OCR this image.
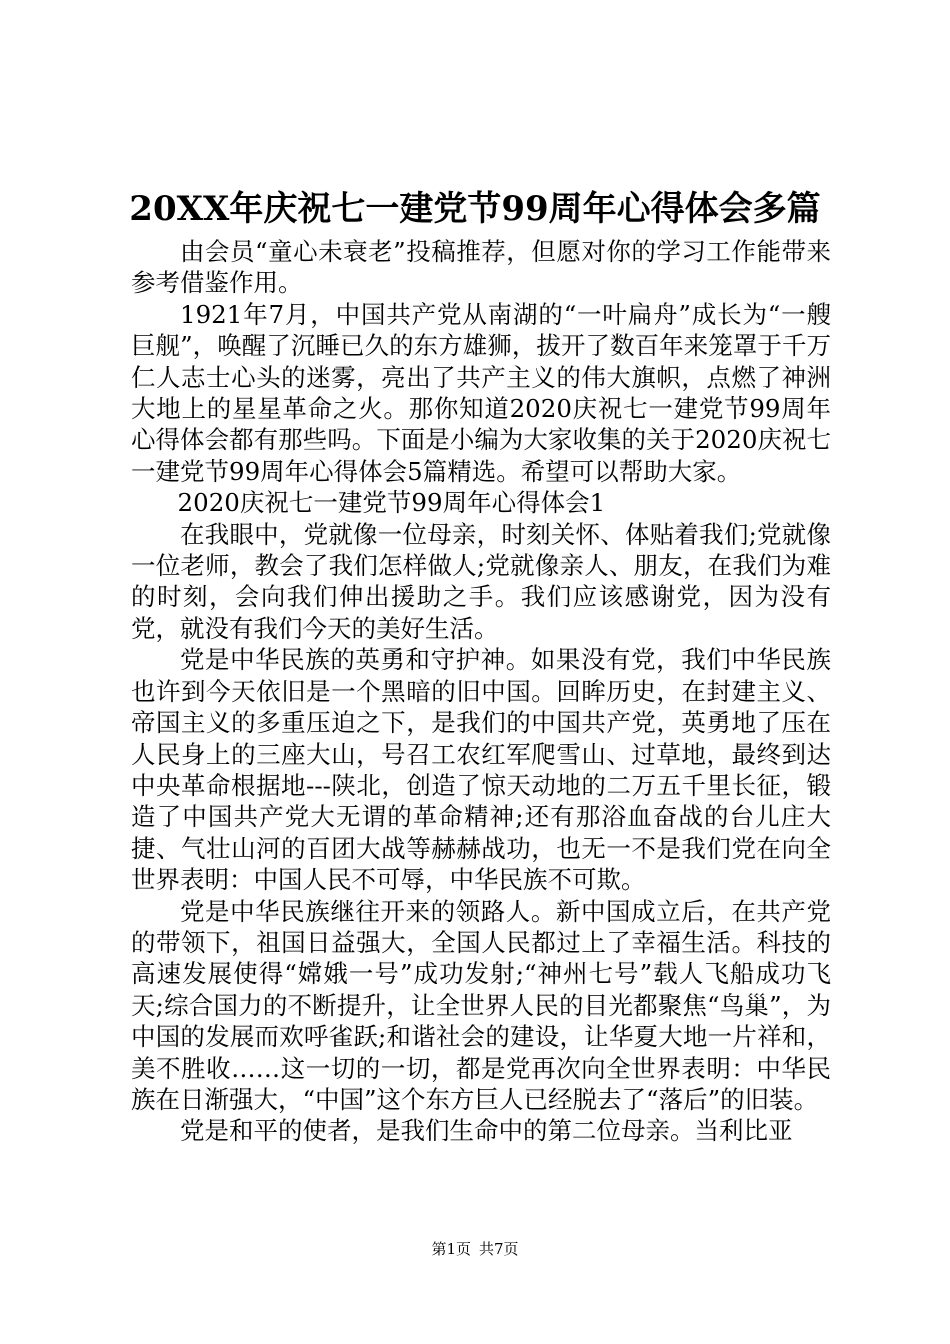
20XX年庆祝七一建党节99周年心得体会多篇

由会员“童心未衰老”投稿推荐，但愿对你的学习工作能带来参考借鉴作用。

1921年7月，中国共产党从南湖的“一叶扁舟”成长为“一艘巨舰”，唤醒了沉睡已久的东方雄狮，拔开了数百年来笼罩于千万仁人志士心头的迷雾，亮出了共产主义的伟大旗帜，点燃了神洲大地上的星星革命之火。那你知道2020庆祝七一建党节99周年心得体会都有那些吗。下面是小编为大家收集的关于2020庆祝七一建党节99周年心得体会5篇精选。希望可以帮助大家。

2020庆祝七一建党节99周年心得体会1

在我眼中，党就像一位母亲，时刻关怀、体贴着我们;党就像一位老师，教会了我们怎样做人;党就像亲人、朋友，在我们为难的时刻，会向我们伸出援助之手。我们应该感谢党，因为没有党，就没有我们今天的美好生活。

党是中华民族的英勇和守护神。如果没有党，我们中华民族也许到今天依旧是一个黑暗的旧中国。回眸历史，在封建主义、帝国主义的多重压迫之下，是我们的中国共产党，英勇地了压在人民身上的三座大山，号召工农红军爬雪山、过草地，最终到达中央革命根据地---陕北，创造了惊天动地的二万五千里长征，锻造了中国共产党大无谓的革命精神;还有那浴血奋战的台儿庄大捷、气壮山河的百团大战等赫赫战功，也无一不是我们党在向全世界表明：中国人民不可辱，中华民族不可欺。

党是中华民族继往开来的领路人。新中国成立后，在共产党的带领下，祖国日益强大，全国人民都过上了幸福生活。科技的高速发展使得“嫦娥一号”成功发射;“神州七号”载人飞船成功飞天;综合国力的不断提升，让全世界人民的目光都聚焦“鸟巢”，为中国的发展而欢呼雀跃;和谐社会的建设，让华夏大地一片祥和，美不胜收……这一切的一切，都是党再次向全世界表明：中华民族在日渐强大，“中国”这个东方巨人已经脱去了“落后”的旧装。

党是和平的使者，是我们生命中的第二位母亲。当利比亚

第1页 共7页
